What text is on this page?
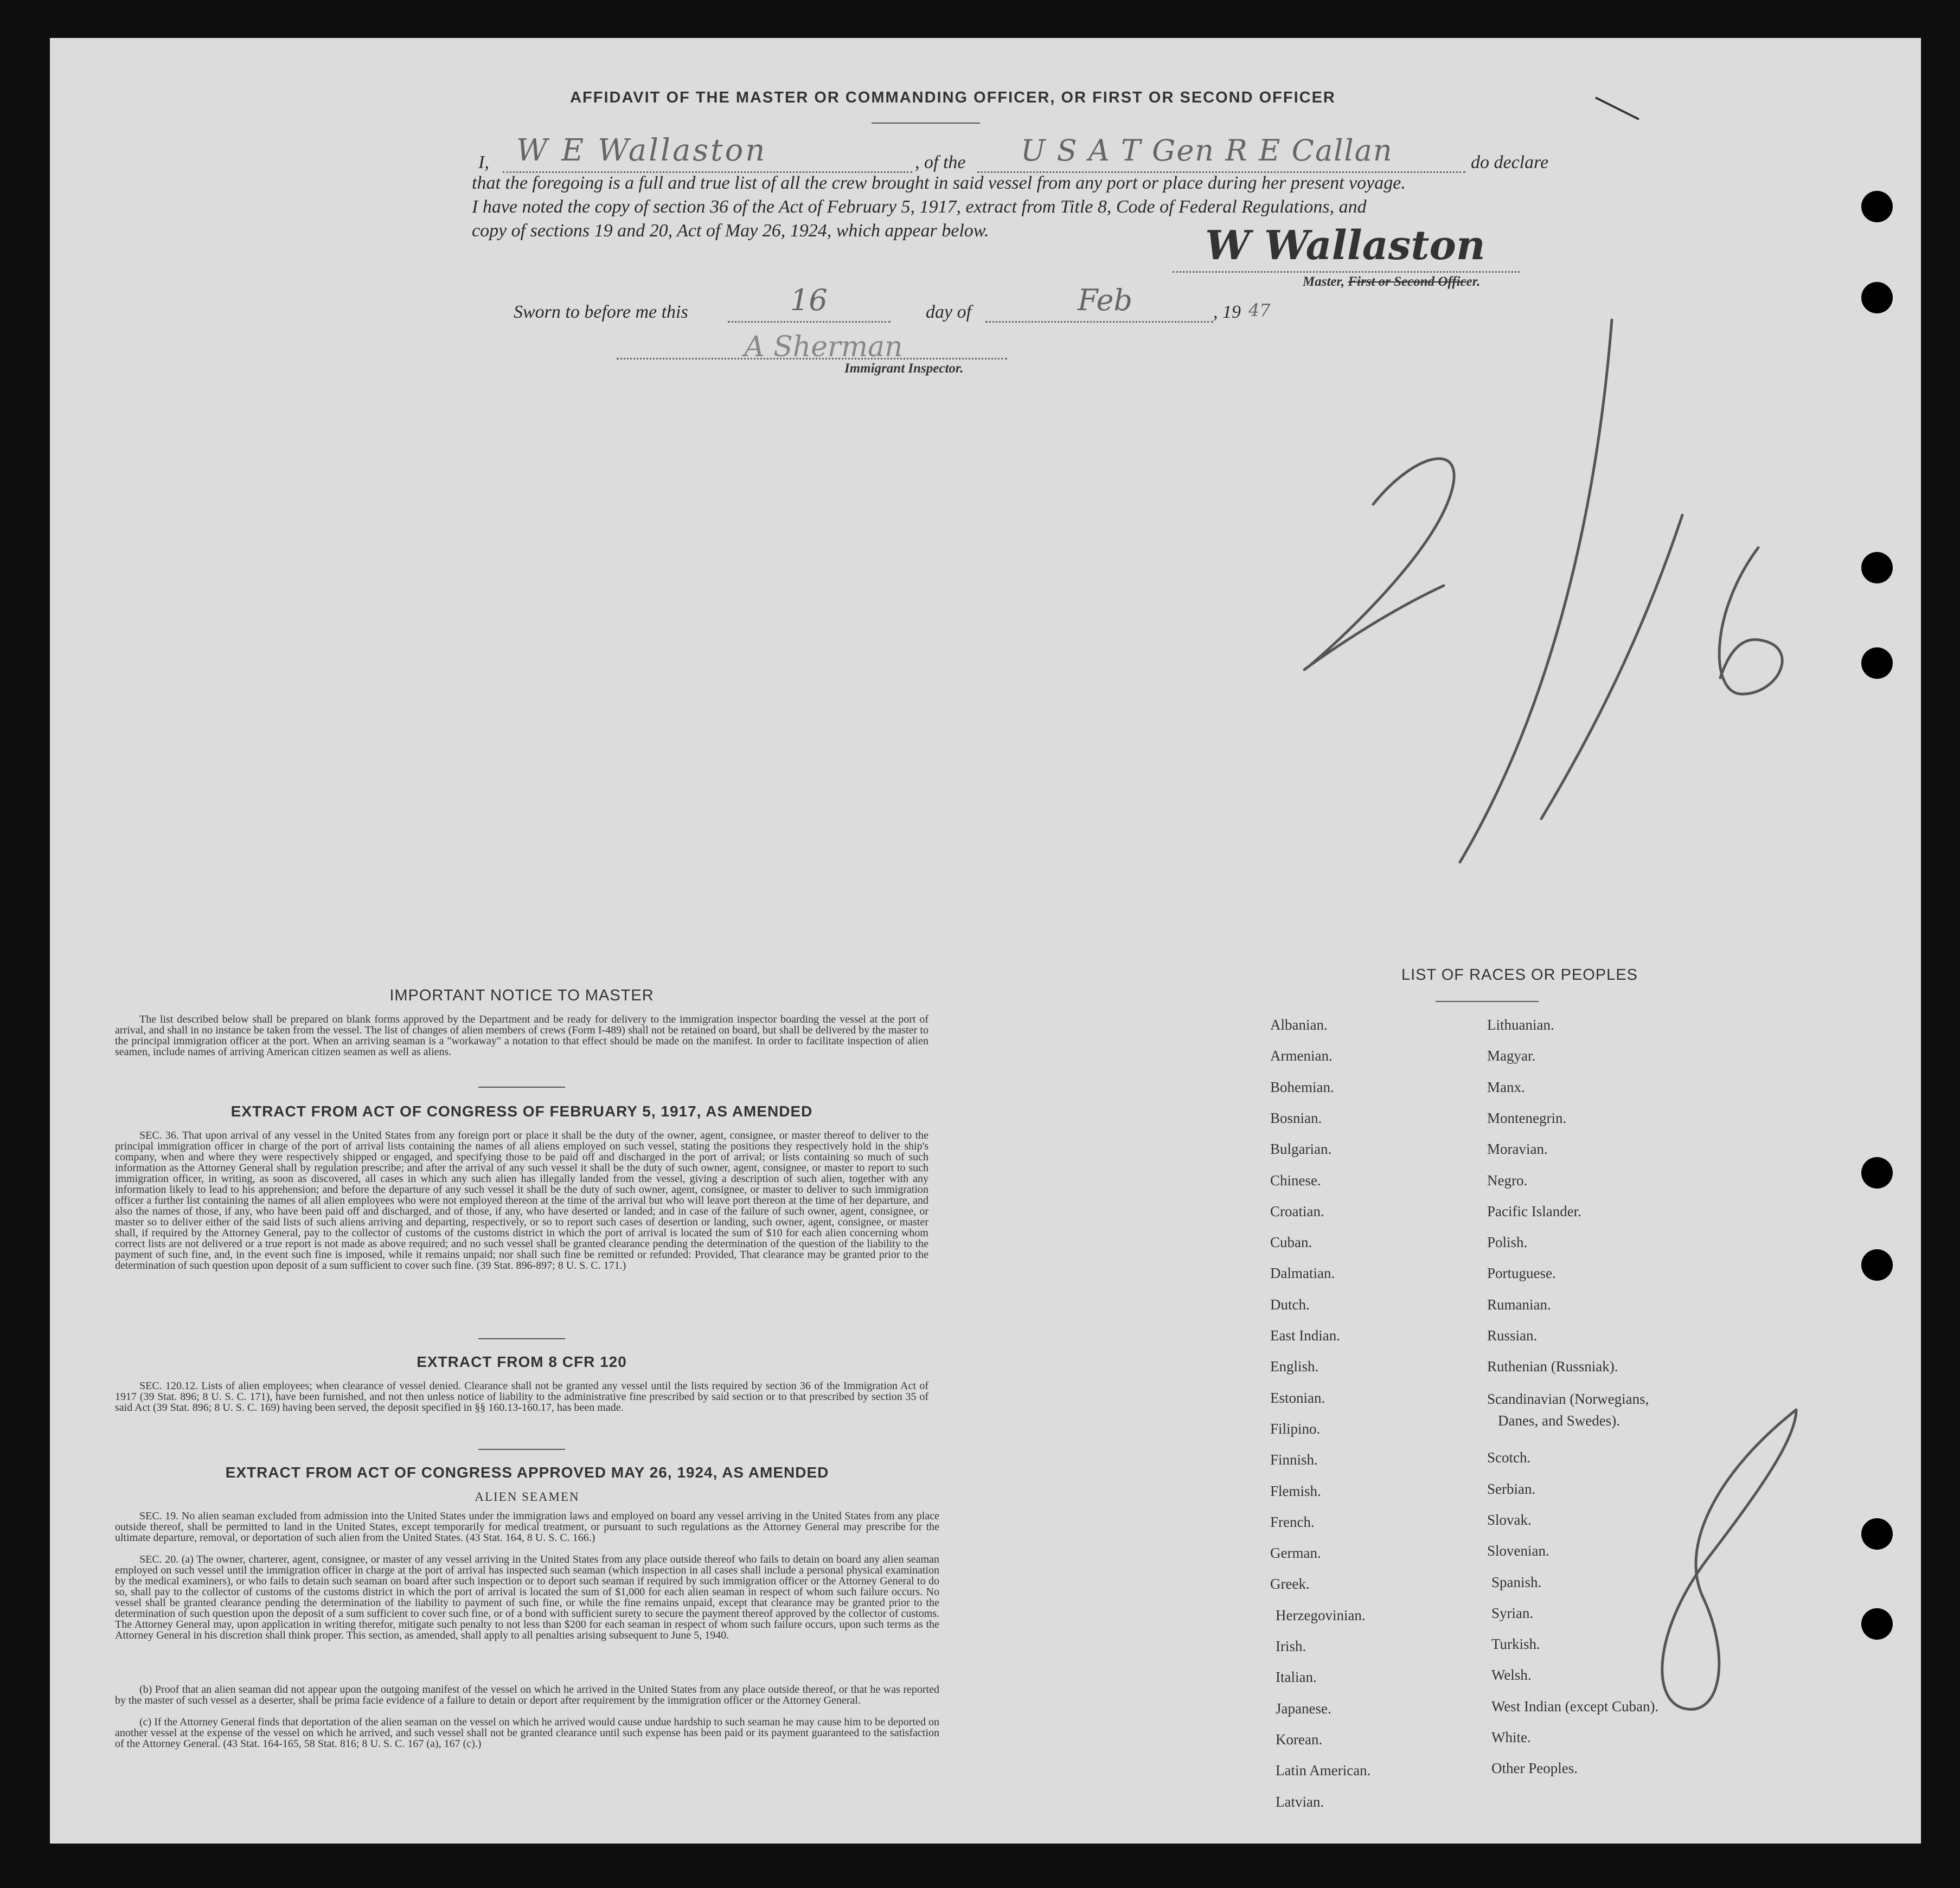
AFFIDAVIT OF THE MASTER OR COMMANDING OFFICER, OR FIRST OR SECOND OFFICER
I, W E Wallaston	, of the U S A T Gen R E Callan	do declare
that the foregoing is a full and true list of all the crew brought in said vessel from any port or place during her present voyage.
I have noted the copy of section 36 of the Act of February 5, 1917, extract from Title 8, Code of Federal Regulations, and
copy of sections 19 and 20, Act of May 26, 1924, which appear below.	W Wallaston
Master, First or Second Officer.
Sworn to before me this	16	day of	Feb	, 19 47
A Sherman
Immigrant Inspector.
IMPORTANT NOTICE TO MASTER
The list described below shall be prepared on blank forms approved by the Department and be ready for delivery to the immigration inspector boarding the vessel at the port of arrival, and shall in no instance be taken from the vessel. The list of changes of alien members of crews (Form I-489) shall not be retained on board, but shall be delivered by the master to the principal immigration officer at the port. When an arriving seaman is a "workaway" a notation to that effect should be made on the manifest. In order to facilitate inspection of alien seamen, include names of arriving American citizen seamen as well as aliens.
EXTRACT FROM ACT OF CONGRESS OF FEBRUARY 5, 1917, AS AMENDED
SEC. 36. That upon arrival of any vessel in the United States from any foreign port or place it shall be the duty of the owner, agent, consignee, or master thereof to deliver to the principal immigration officer in charge of the port of arrival lists containing the names of all aliens employed on such vessel, stating the positions they respectively hold in the ship's company, when and where they were respectively shipped or engaged, and specifying those to be paid off and discharged in the port of arrival; or lists containing so much of such information as the Attorney General shall by regulation prescribe; and after the arrival of any such vessel it shall be the duty of such owner, agent, consignee, or master to report to such immigration officer, in writing, as soon as discovered, all cases in which any such alien has illegally landed from the vessel, giving a description of such alien, together with any information likely to lead to his apprehension; and before the departure of any such vessel it shall be the duty of such owner, agent, consignee, or master to deliver to such immigration officer a further list containing the names of all alien employees who were not employed thereon at the time of the arrival but who will leave port thereon at the time of her departure, and also the names of those, if any, who have been paid off and discharged, and of those, if any, who have deserted or landed; and in case of the failure of such owner, agent, consignee, or master so to deliver either of the said lists of such aliens arriving and departing, respectively, or so to report such cases of desertion or landing, such owner, agent, consignee, or master shall, if required by the Attorney General, pay to the collector of customs of the customs district in which the port of arrival is located the sum of $10 for each alien concerning whom correct lists are not delivered or a true report is not made as above required; and no such vessel shall be granted clearance pending the determination of the question of the liability to the payment of such fine, and, in the event such fine is imposed, while it remains unpaid; nor shall such fine be remitted or refunded: Provided, That clearance may be granted prior to the determination of such question upon deposit of a sum sufficient to cover such fine. (39 Stat. 896-897; 8 U. S. C. 171.)
EXTRACT FROM 8 CFR 120
SEC. 120.12. Lists of alien employees; when clearance of vessel denied. Clearance shall not be granted any vessel until the lists required by section 36 of the Immigration Act of 1917 (39 Stat. 896; 8 U. S. C. 171), have been furnished, and not then unless notice of liability to the administrative fine prescribed by said section or to that prescribed by section 35 of said Act (39 Stat. 896; 8 U. S. C. 169) having been served, the deposit specified in §§ 160.13-160.17, has been made.
EXTRACT FROM ACT OF CONGRESS APPROVED MAY 26, 1924, AS AMENDED
ALIEN SEAMEN
SEC. 19. No alien seaman excluded from admission into the United States under the immigration laws and employed on board any vessel arriving in the United States from any place outside thereof, shall be permitted to land in the United States, except temporarily for medical treatment, or pursuant to such regulations as the Attorney General may prescribe for the ultimate departure, removal, or deportation of such alien from the United States. (43 Stat. 164, 8 U. S. C. 166.)
SEC. 20. (a) The owner, charterer, agent, consignee, or master of any vessel arriving in the United States from any place outside thereof who fails to detain on board any alien seaman employed on such vessel until the immigration officer in charge at the port of arrival has inspected such seaman (which inspection in all cases shall include a personal physical examination by the medical examiners), or who fails to detain such seaman on board after such inspection or to deport such seaman if required by such immigration officer or the Attorney General to do so, shall pay to the collector of customs of the customs district in which the port of arrival is located the sum of $1,000 for each alien seaman in respect of whom such failure occurs. No vessel shall be granted clearance pending the determination of the liability to payment of such fine, or while the fine remains unpaid, except that clearance may be granted prior to the determination of such question upon the deposit of a sum sufficient to cover such fine, or of a bond with sufficient surety to secure the payment thereof approved by the collector of customs. The Attorney General may, upon application in writing therefor, mitigate such penalty to not less than $200 for each seaman in respect of whom such failure occurs, upon such terms as the Attorney General in his discretion shall think proper. This section, as amended, shall apply to all penalties arising subsequent to June 5, 1940.
(b) Proof that an alien seaman did not appear upon the outgoing manifest of the vessel on which he arrived in the United States from any place outside thereof, or that he was reported by the master of such vessel as a deserter, shall be prima facie evidence of a failure to detain or deport after requirement by the immigration officer or the Attorney General.
(c) If the Attorney General finds that deportation of the alien seaman on the vessel on which he arrived would cause undue hardship to such seaman he may cause him to be deported on another vessel at the expense of the vessel on which he arrived, and such vessel shall not be granted clearance until such expense has been paid or its payment guaranteed to the satisfaction of the Attorney General. (43 Stat. 164-165, 58 Stat. 816; 8 U. S. C. 167 (a), 167 (c).)
LIST OF RACES OR PEOPLES
Albanian.
Armenian.
Bohemian.
Bosnian.
Bulgarian.
Chinese.
Croatian.
Cuban.
Dalmatian.
Dutch.
East Indian.
English.
Estonian.
Filipino.
Finnish.
Flemish.
French.
German.
Greek.
Herzegovinian.
Irish.
Italian.
Japanese.
Korean.
Latin American.
Latvian.
Lithuanian.
Magyar.
Manx.
Montenegrin.
Moravian.
Negro.
Pacific Islander.
Polish.
Portuguese.
Rumanian.
Russian.
Ruthenian (Russniak).
Scandinavian (Norwegians,
Danes, and Swedes).
Scotch.
Serbian.
Slovak.
Slovenian.
Spanish.
Syrian.
Turkish.
Welsh.
West Indian (except Cuban).
White.
Other Peoples.
